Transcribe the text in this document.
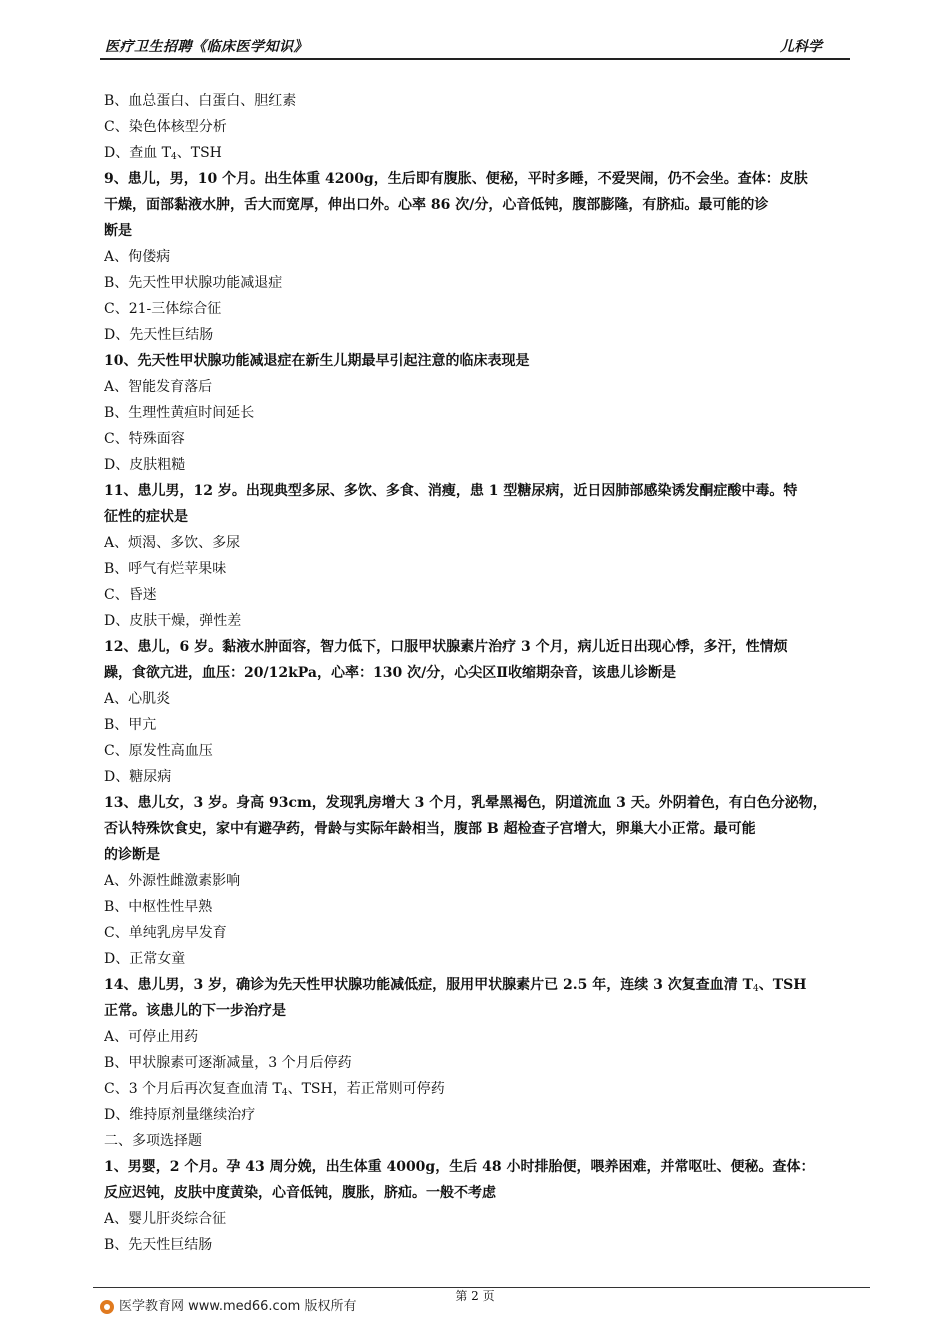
医疗卫生招聘《临床医学知识》	儿科学
B、血总蛋白、白蛋白、胆红素
C、染色体核型分析
D、查血 $T_4$、TSH
9、患儿，男，10 个月。出生体重 4200g，生后即有腹胀、便秘，平时多睡，不爱哭闹，仍不会坐。查体：皮肤
干燥，面部黏液水肿，舌大而宽厚，伸出口外。心率 86 次/分，心音低钝，腹部膨隆，有脐疝。最可能的诊
断是
A、佝偻病
B、先天性甲状腺功能减退症
C、21-三体综合征
D、先天性巨结肠
10、先天性甲状腺功能减退症在新生儿期最早引起注意的临床表现是
A、智能发育落后
B、生理性黄疸时间延长
C、特殊面容
D、皮肤粗糙
11、患儿男，12 岁。出现典型多尿、多饮、多食、消瘦，患 1 型糖尿病，近日因肺部感染诱发酮症酸中毒。特
征性的症状是
A、烦渴、多饮、多尿
B、呼气有烂苹果味
C、昏迷
D、皮肤干燥，弹性差
12、患儿，6 岁。黏液水肿面容，智力低下，口服甲状腺素片治疗 3 个月，病儿近日出现心悸，多汗，性情烦
躁，食欲亢进，血压：20/12kPa，心率：130 次/分，心尖区Ⅱ收缩期杂音，该患儿诊断是
A、心肌炎
B、甲亢
C、原发性高血压
D、糖尿病
13、患儿女，3 岁。身高 93cm，发现乳房增大 3 个月，乳晕黑褐色，阴道流血 3 天。外阴着色，有白色分泌物，
否认特殊饮食史，家中有避孕药，骨龄与实际年龄相当，腹部 B 超检查子宫增大，卵巢大小正常。最可能
的诊断是
A、外源性雌激素影响
B、中枢性性早熟
C、单纯乳房早发育
D、正常女童
14、患儿男，3 岁，确诊为先天性甲状腺功能减低症，服用甲状腺素片已 2.5 年，连续 3 次复查血清 $T_4$、TSH
正常。该患儿的下一步治疗是
A、可停止用药
B、甲状腺素可逐渐减量，3 个月后停药
C、3 个月后再次复查血清 $T_4$、TSH，若正常则可停药
D、维持原剂量继续治疗
二、多项选择题
1、男婴，2 个月。孕 43 周分娩，出生体重 4000g，生后 48 小时排胎便，喂养困难，并常呕吐、便秘。查体：
反应迟钝，皮肤中度黄染，心音低钝，腹胀，脐疝。一般不考虑
A、婴儿肝炎综合征
B、先天性巨结肠
第 2 页
医学教育网 www.med66.com 版权所有
